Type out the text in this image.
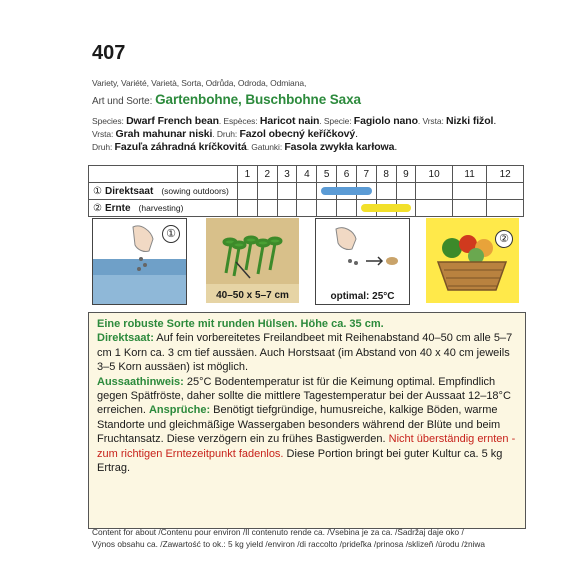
407
Variety, Variété, Varietà, Sorta, Odrůda, Odroda, Odmiana,
Art und Sorte: Gartenbohne, Buschbohne Saxa
Species: Dwarf French bean. Espèces: Haricot nain. Specie: Fagiolo nano. Vrsta: Nizki fižol.
Vrsta: Grah mahunar niski. Druh: Fazol obecný keříčkový.
Druh: Fazuľa záhradná kríčkovitá. Gatunki: Fasola zwykła karłowa.
	1	2	3	4	5	6	7	8	9	10	11	12
① Direktsaat (sowing outdoors)					

② Ernte (harvesting)							

①
40–50 x 5–7 cm	optimal: 25°C
②

Eine robuste Sorte mit runden Hülsen. Höhe ca. 35 cm.
Direktsaat: Auf fein vorbereitetes Freilandbeet mit Reihenabstand 40–50 cm alle 5–7 cm 1 Korn ca. 3 cm tief aussäen. Auch Horstsaat (im Abstand von 40 x 40 cm jeweils 3–5 Korn aussäen) ist möglich.
Aussaathinweis: 25°C Bodentemperatur ist für die Keimung optimal. Empfindlich gegen Spätfröste, daher sollte die mittlere Tagestemperatur bei der Aussaat 12–18°C erreichen. Ansprüche: Benötigt tiefgründige, humusreiche, kalkige Böden, warme Standorte und gleichmäßige Wassergaben besonders während der Blüte und beim Fruchtansatz. Diese verzögern ein zu frühes Bastigwerden. Nicht überständig ernten - zum richtigen Erntezeitpunkt fadenlos. Diese Portion bringt bei guter Kultur ca. 5 kg Ertrag.

Content for about /Contenu pour environ /Il contenuto rende ca. /Vsebina je za ca. /Sadržaj daje oko /
Výnos obsahu ca. /Zawartość to ok.: 5 kg yield /environ /di raccolto /prideľka /prinosa /sklizeň /úrodu /żniwa
